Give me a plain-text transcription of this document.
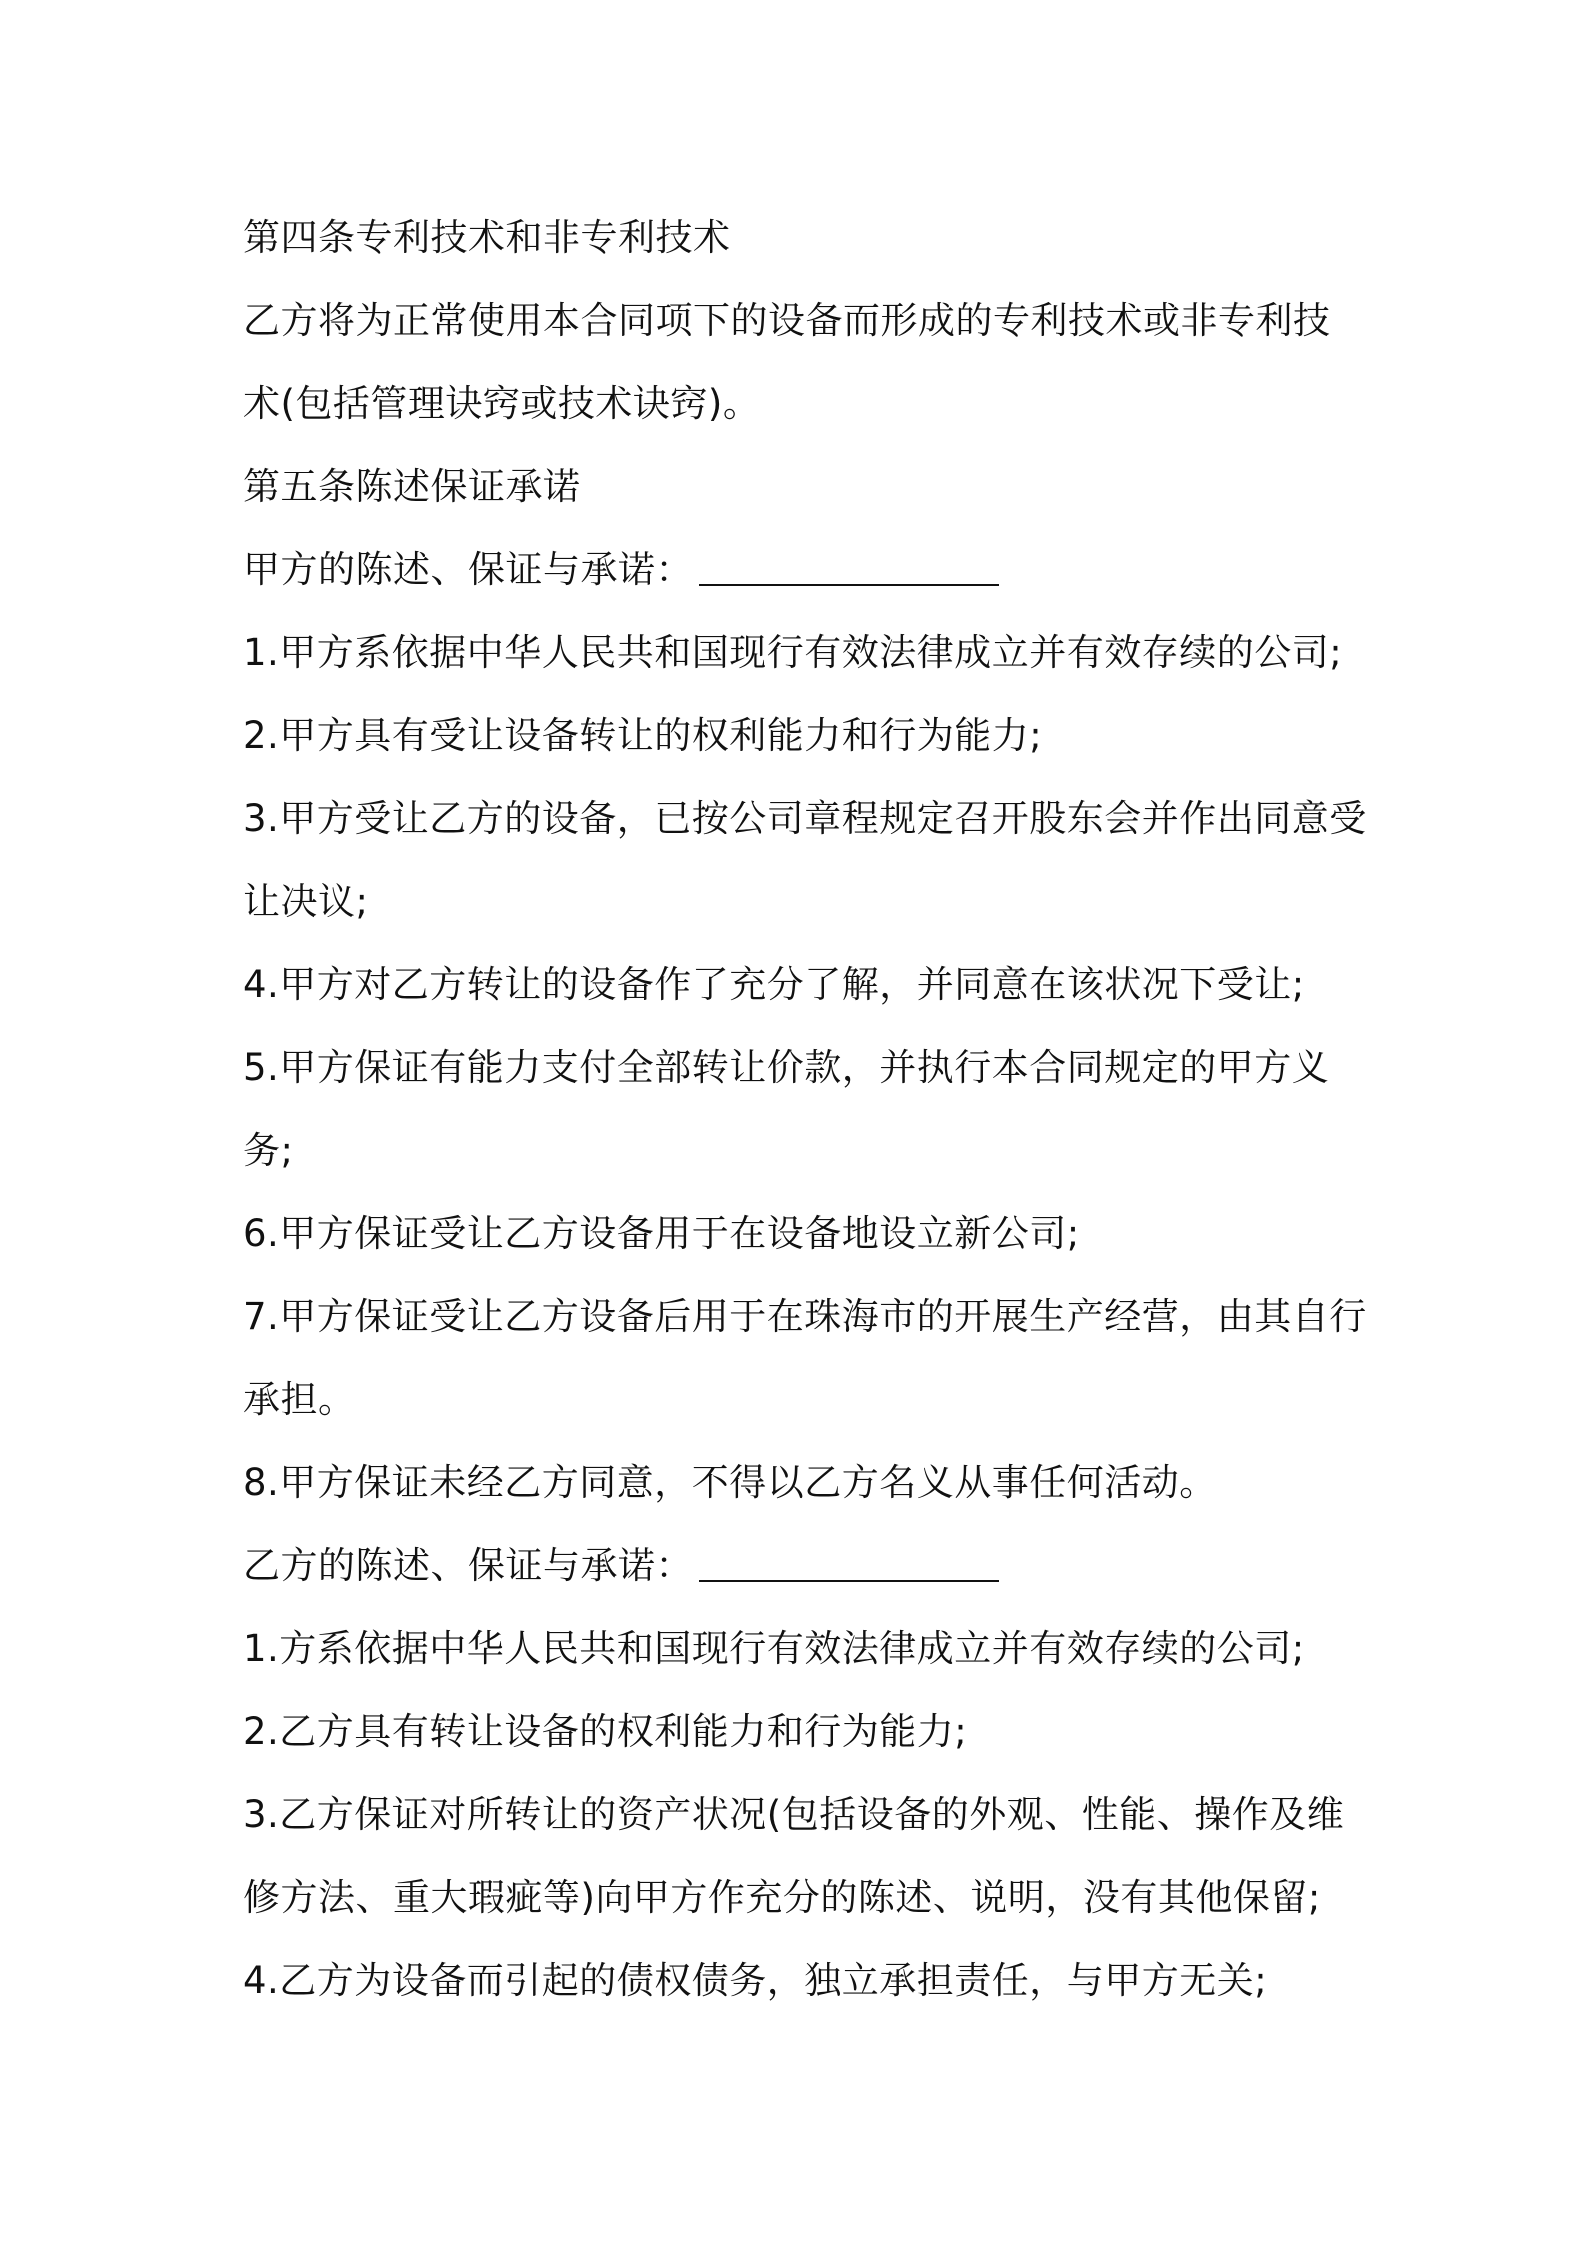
第四条专利技术和非专利技术
乙方将为正常使用本合同项下的设备而形成的专利技术或非专利技
术(包括管理诀窍或技术诀窍)。
第五条陈述保证承诺
甲方的陈述、保证与承诺：
1.甲方系依据中华人民共和国现行有效法律成立并有效存续的公司;
2.甲方具有受让设备转让的权利能力和行为能力;
3.甲方受让乙方的设备，已按公司章程规定召开股东会并作出同意受
让决议;
4.甲方对乙方转让的设备作了充分了解，并同意在该状况下受让;
5.甲方保证有能力支付全部转让价款，并执行本合同规定的甲方义
务;
6.甲方保证受让乙方设备用于在设备地设立新公司;
7.甲方保证受让乙方设备后用于在珠海市的开展生产经营，由其自行
承担。
8.甲方保证未经乙方同意，不得以乙方名义从事任何活动。
乙方的陈述、保证与承诺：
1.方系依据中华人民共和国现行有效法律成立并有效存续的公司;
2.乙方具有转让设备的权利能力和行为能力;
3.乙方保证对所转让的资产状况(包括设备的外观、性能、操作及维
修方法、重大瑕疵等)向甲方作充分的陈述、说明，没有其他保留;
4.乙方为设备而引起的债权债务，独立承担责任，与甲方无关;
